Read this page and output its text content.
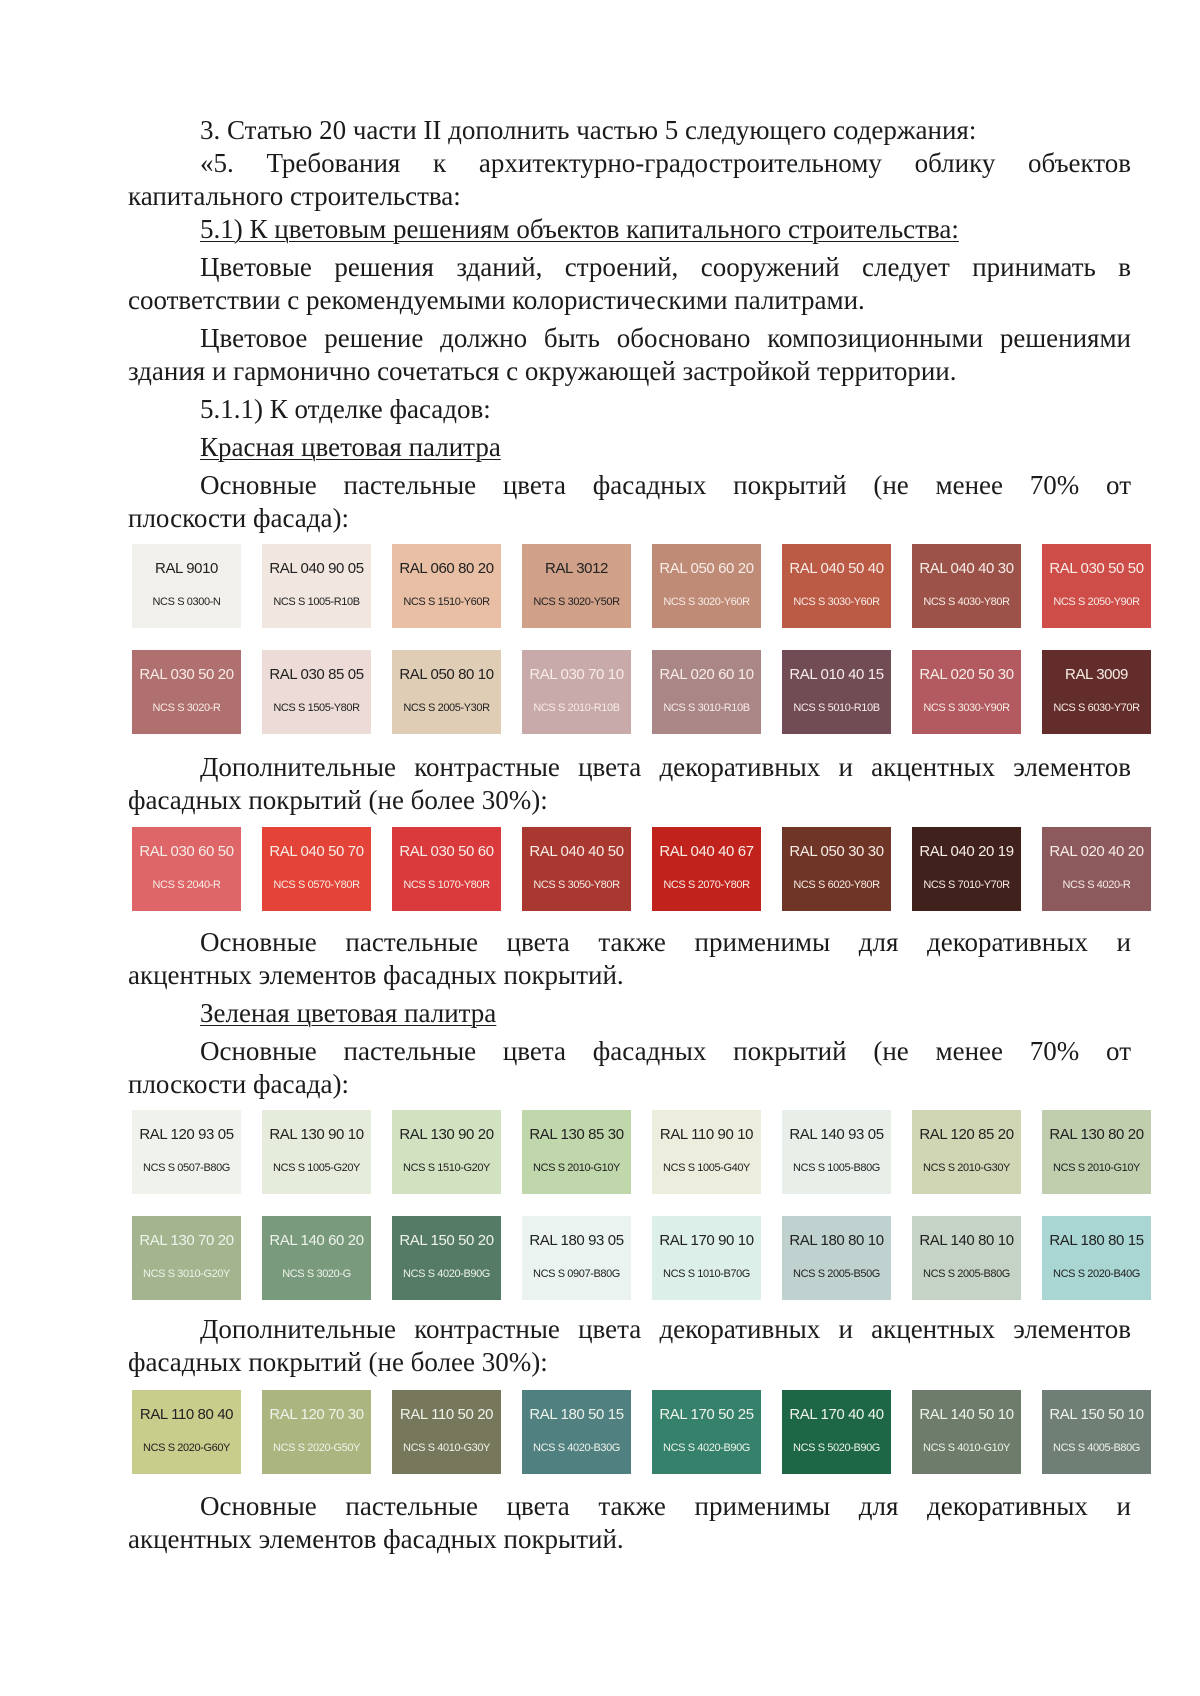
3. Статью 20 части II дополнить частью 5 следующего содержания:
«5. Требования к архитектурно-градостроительному облику объектов
капитального строительства:
5.1) К цветовым решениям объектов капитального строительства:
Цветовые решения зданий, строений, сооружений следует принимать в
соответствии с рекомендуемыми колористическими палитрами.
Цветовое решение должно быть обосновано композиционными решениями
здания и гармонично сочетаться с окружающей застройкой территории.
5.1.1) К отделке фасадов:
Красная цветовая палитра
Основные пастельные цвета фасадных покрытий (не менее 70% от
плоскости фасада):
RAL 9010
NCS S 0300-N
RAL 040 90 05
NCS S 1005-R10B
RAL 060 80 20
NCS S 1510-Y60R
RAL 3012
NCS S 3020-Y50R
RAL 050 60 20
NCS S 3020-Y60R
RAL 040 50 40
NCS S 3030-Y60R
RAL 040 40 30
NCS S 4030-Y80R
RAL 030 50 50
NCS S 2050-Y90R
RAL 030 50 20
NCS S 3020-R
RAL 030 85 05
NCS S 1505-Y80R
RAL 050 80 10
NCS S 2005-Y30R
RAL 030 70 10
NCS S 2010-R10B
RAL 020 60 10
NCS S 3010-R10B
RAL 010 40 15
NCS S 5010-R10B
RAL 020 50 30
NCS S 3030-Y90R
RAL 3009
NCS S 6030-Y70R
Дополнительные контрастные цвета декоративных и акцентных элементов
фасадных покрытий (не более 30%):
RAL 030 60 50
NCS S 2040-R
RAL 040 50 70
NCS S 0570-Y80R
RAL 030 50 60
NCS S 1070-Y80R
RAL 040 40 50
NCS S 3050-Y80R
RAL 040 40 67
NCS S 2070-Y80R
RAL 050 30 30
NCS S 6020-Y80R
RAL 040 20 19
NCS S 7010-Y70R
RAL 020 40 20
NCS S 4020-R
Основные пастельные цвета также применимы для декоративных и
акцентных элементов фасадных покрытий.
Зеленая цветовая палитра
Основные пастельные цвета фасадных покрытий (не менее 70% от
плоскости фасада):
RAL 120 93 05
NCS S 0507-B80G
RAL 130 90 10
NCS S 1005-G20Y
RAL 130 90 20
NCS S 1510-G20Y
RAL 130 85 30
NCS S 2010-G10Y
RAL 110 90 10
NCS S 1005-G40Y
RAL 140 93 05
NCS S 1005-B80G
RAL 120 85 20
NCS S 2010-G30Y
RAL 130 80 20
NCS S 2010-G10Y
RAL 130 70 20
NCS S 3010-G20Y
RAL 140 60 20
NCS S 3020-G
RAL 150 50 20
NCS S 4020-B90G
RAL 180 93 05
NCS S 0907-B80G
RAL 170 90 10
NCS S 1010-B70G
RAL 180 80 10
NCS S 2005-B50G
RAL 140 80 10
NCS S 2005-B80G
RAL 180 80 15
NCS S 2020-B40G
Дополнительные контрастные цвета декоративных и акцентных элементов
фасадных покрытий (не более 30%):
RAL 110 80 40
NCS S 2020-G60Y
RAL 120 70 30
NCS S 2020-G50Y
RAL 110 50 20
NCS S 4010-G30Y
RAL 180 50 15
NCS S 4020-B30G
RAL 170 50 25
NCS S 4020-B90G
RAL 170 40 40
NCS S 5020-B90G
RAL 140 50 10
NCS S 4010-G10Y
RAL 150 50 10
NCS S 4005-B80G
Основные пастельные цвета также применимы для декоративных и
акцентных элементов фасадных покрытий.
